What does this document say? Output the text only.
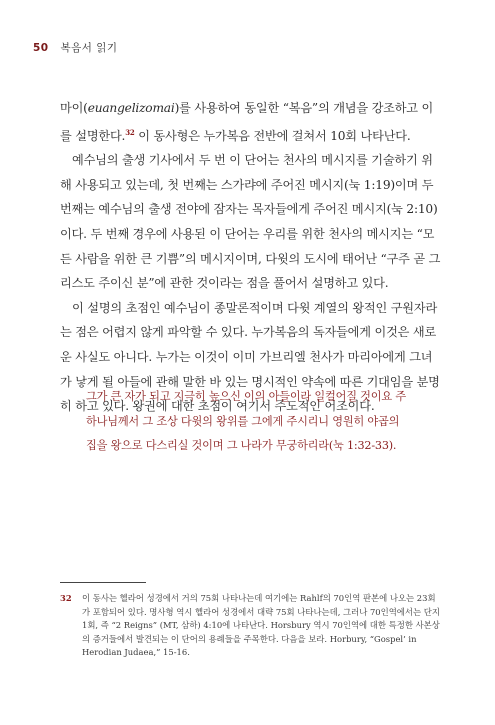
50 복음서 읽기

마이(euangelizomai)를 사용하여 동일한 “복음”의 개념을 강조하고 이를 설명한다.$^{32}$ 이 동사형은 누가복음 전반에 걸쳐서 10회 나타난다.

예수님의 출생 기사에서 두 번 이 단어는 천사의 메시지를 기술하기 위해 사용되고 있는데, 첫 번째는 스가랴에 주어진 메시지(눅 1:19)이며 두 번째는 예수님의 출생 전야에 잠자는 목자들에게 주어진 메시지(눅 2:10)이다. 두 번째 경우에 사용된 이 단어는 우리를 위한 천사의 메시지는 “모든 사람을 위한 큰 기쁨”의 메시지이며, 다윗의 도시에 태어난 “구주 곧 그리스도 주이신 분”에 관한 것이라는 점을 풀어서 설명하고 있다.

이 설명의 초점인 예수님이 종말론적이며 다윗 계열의 왕적인 구원자라는 점은 어렵지 않게 파악할 수 있다. 누가복음의 독자들에게 이것은 새로운 사실도 아니다. 누가는 이것이 이미 가브리엘 천사가 마리아에게 그녀가 낳게 될 아들에 관해 말한 바 있는 명시적인 약속에 따른 기대임을 분명히 하고 있다. 왕권에 대한 초점이 여기서 주도적인 어조이다.

그가 큰 자가 되고 지극히 높으신 이의 아들이라 일컬어질 것이요 주 하나님께서 그 조상 다윗의 왕위를 그에게 주시리니 영원히 야곱의 집을 왕으로 다스리실 것이며 그 나라가 무궁하리라(눅 1:32-33).
32	이 동사는 헬라어 성경에서 거의 75회 나타나는데 여기에는 Rahlf의 70인역 판본에 나오는 23회가 포함되어 있다. 명사형 역시 헬라어 성경에서 대략 75회 나타나는데, 그러나 70인역에서는 단지 1회, 즉 “2 Reigns” (MT, 삼하) 4:10에 나타난다. Horsbury 역시 70인역에 대한 특정한 사본상의 증거들에서 발견되는 이 단어의 용례들을 주목한다. 다음을 보라. Horbury, “Gospel’ in Herodian Judaea,” 15-16.
